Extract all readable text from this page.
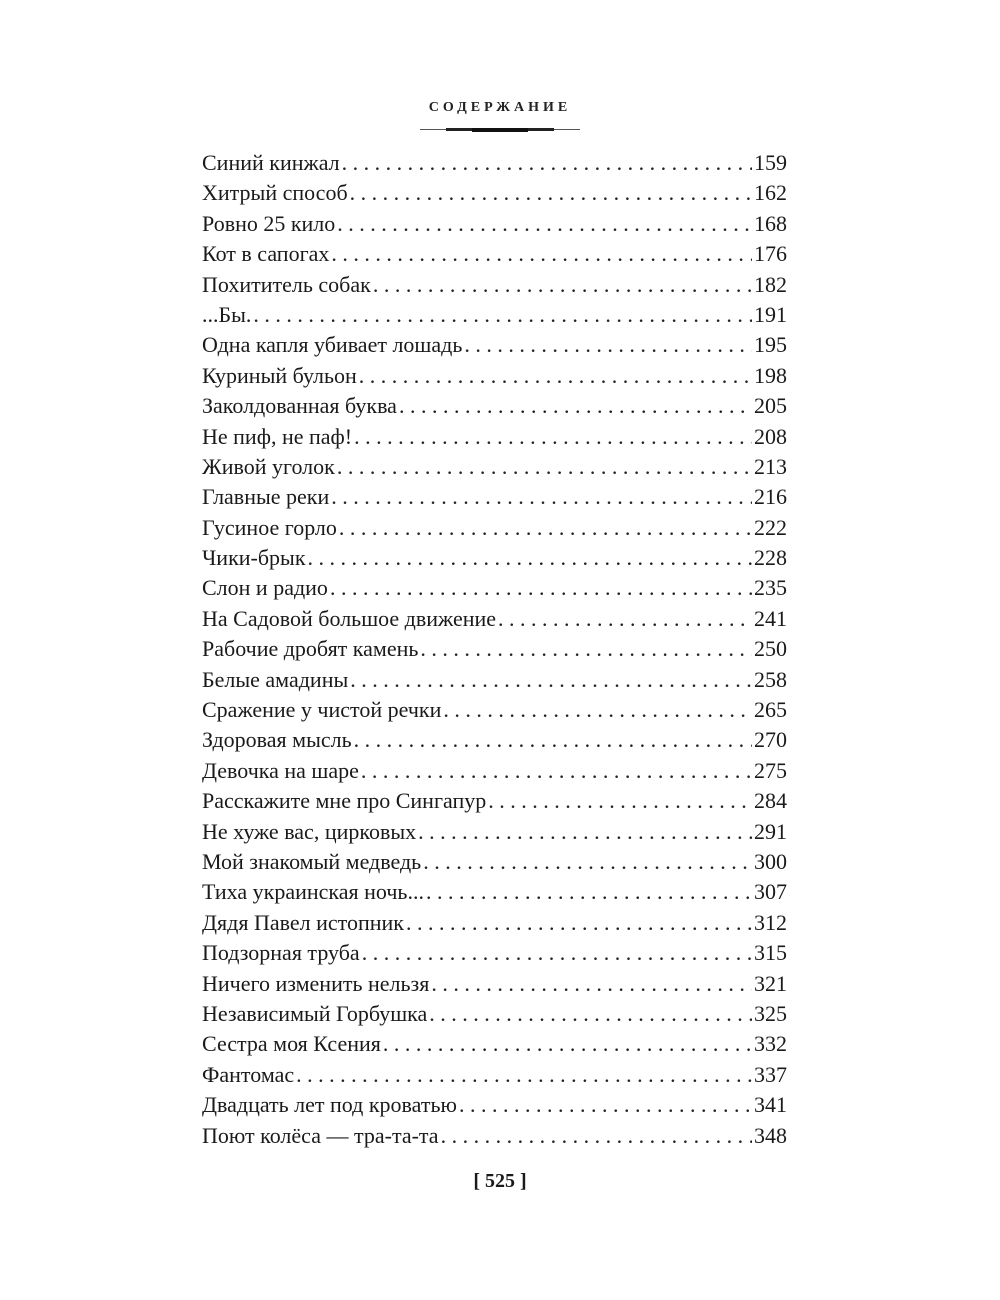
СОДЕРЖАНИЕ
Синий кинжал . . .	159
Хитрый способ . . .	162
Ровно 25 кило . . .	168
Кот в сапогах . . .	176
Похититель собак . . .	182
...Бы. . . .	191
Одна капля убивает лошадь . . .	195
Куриный бульон . . .	198
Заколдованная буква . . .	205
Не пиф, не паф! . . .	208
Живой уголок . . .	213
Главные реки . . .	216
Гусиное горло . . .	222
Чики-брык . . .	228
Слон и радио . . .	235
На Садовой большое движение . . .	241
Рабочие дробят камень . . .	250
Белые амадины . . .	258
Сражение у чистой речки . . .	265
Здоровая мысль . . .	270
Девочка на шаре . . .	275
Расскажите мне про Сингапур . . .	284
Не хуже вас, цирковых . . .	291
Мой знакомый медведь . . .	300
Тиха украинская ночь... . . .	307
Дядя Павел истопник . . .	312
Подзорная труба . . .	315
Ничего изменить нельзя . . .	321
Независимый Горбушка . . .	325
Сестра моя Ксения . . .	332
Фантомас . . .	337
Двадцать лет под кроватью . . .	341
Поют колёса — тра-та-та . . .	348
[ 525 ]
